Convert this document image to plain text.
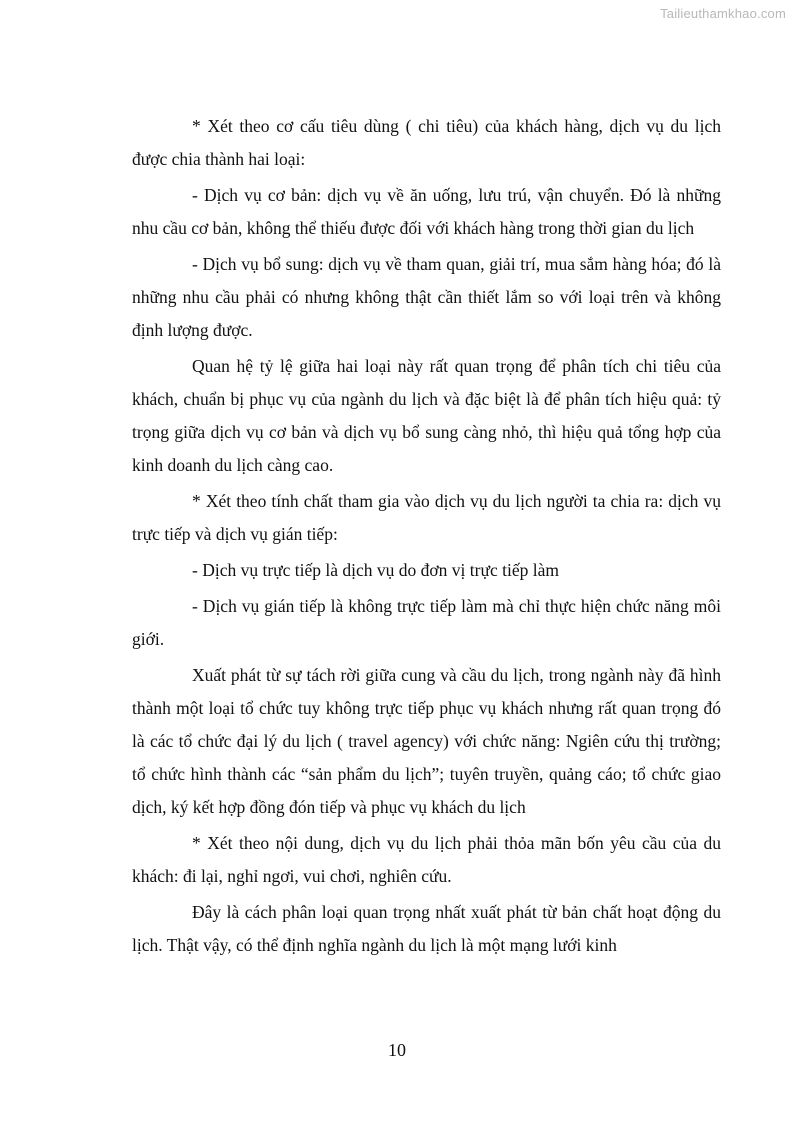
Tailieuthamkhao.com

* Xét theo cơ cấu tiêu dùng ( chi tiêu) của khách hàng, dịch vụ du lịch được chia thành hai loại:

- Dịch vụ cơ bản: dịch vụ về ăn uống, lưu trú, vận chuyển. Đó là những nhu cầu cơ bản, không thể thiếu được đối với khách hàng trong thời gian du lịch

- Dịch vụ bổ sung: dịch vụ về tham quan, giải trí, mua sắm hàng hóa; đó là những nhu cầu phải có nhưng không thật cần thiết lắm so với loại trên và không định lượng được.

Quan hệ tỷ lệ giữa hai loại này rất quan trọng để phân tích chi tiêu của khách, chuẩn bị phục vụ của ngành du lịch và đặc biệt là để phân tích hiệu quả: tỷ trọng giữa dịch vụ cơ bản và dịch vụ bổ sung càng nhỏ, thì hiệu quả tổng hợp của kinh doanh du lịch càng cao.

* Xét theo tính chất tham gia vào dịch vụ du lịch người ta chia ra: dịch vụ trực tiếp và dịch vụ gián tiếp:

- Dịch vụ trực tiếp là dịch vụ do đơn vị trực tiếp làm

- Dịch vụ gián tiếp là không trực tiếp làm mà chỉ thực hiện chức năng môi giới.

Xuất phát từ sự tách rời giữa cung và cầu du lịch, trong ngành này đã hình thành một loại tổ chức tuy không trực tiếp phục vụ khách nhưng rất quan trọng đó là các tổ chức đại lý du lịch ( travel agency) với chức năng: Ngiên cứu thị trường; tổ chức hình thành các “sản phẩm du lịch”; tuyên truyền, quảng cáo; tổ chức giao dịch, ký kết hợp đồng đón tiếp và phục vụ khách du lịch

* Xét theo nội dung, dịch vụ du lịch phải thỏa mãn bốn yêu cầu của du khách: đi lại, nghỉ ngơi, vui chơi, nghiên cứu.

Đây là cách phân loại quan trọng nhất xuất phát từ bản chất hoạt động du lịch. Thật vậy, có thể định nghĩa ngành du lịch là một mạng lưới kinh

10
